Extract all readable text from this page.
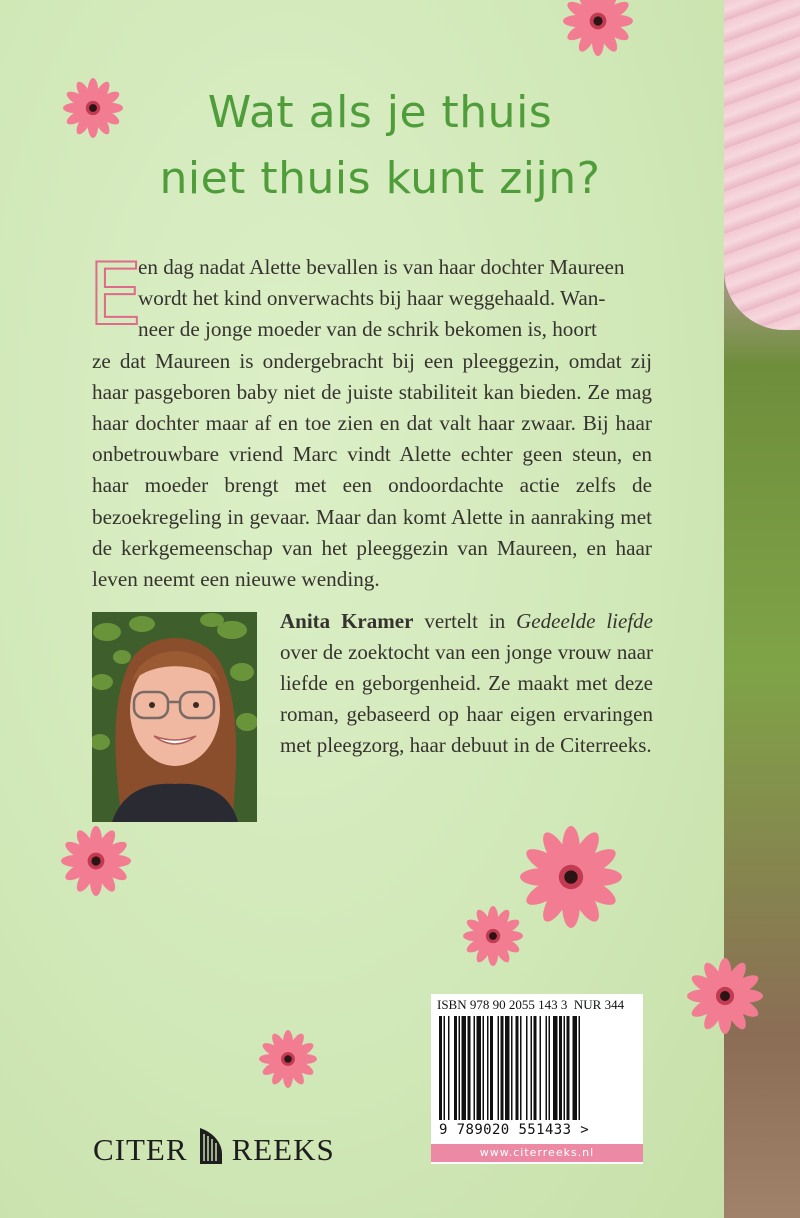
Wat als je thuis
niet thuis kunt zijn?
E
en dag nadat Alette bevallen is van haar dochter Maureen
wordt het kind onverwachts bij haar weggehaald. Wan-
neer de jonge moeder van de schrik bekomen is, hoort
ze dat Maureen is ondergebracht bij een pleeggezin, omdat zij haar pasgeboren baby niet de juiste stabiliteit kan bieden. Ze mag haar dochter maar af en toe zien en dat valt haar zwaar. Bij haar onbetrouwbare vriend Marc vindt Alette echter geen steun, en haar moeder brengt met een ondoordachte actie zelfs de bezoekregeling in gevaar. Maar dan komt Alette in aanraking met de kerkgemeenschap van het pleeggezin van Maureen, en haar leven neemt een nieuwe wending.
Anita Kramer vertelt in Gedeelde liefde over de zoektocht van een jonge vrouw naar liefde en geborgenheid. Ze maakt met deze roman, gebaseerd op haar eigen ervaringen met pleegzorg, haar debuut in de Citerreeks.
ISBN 978 90 2055 143 3 NUR 344
9 789020 551433 >
www.citerreeks.nl
CITER REEKS
